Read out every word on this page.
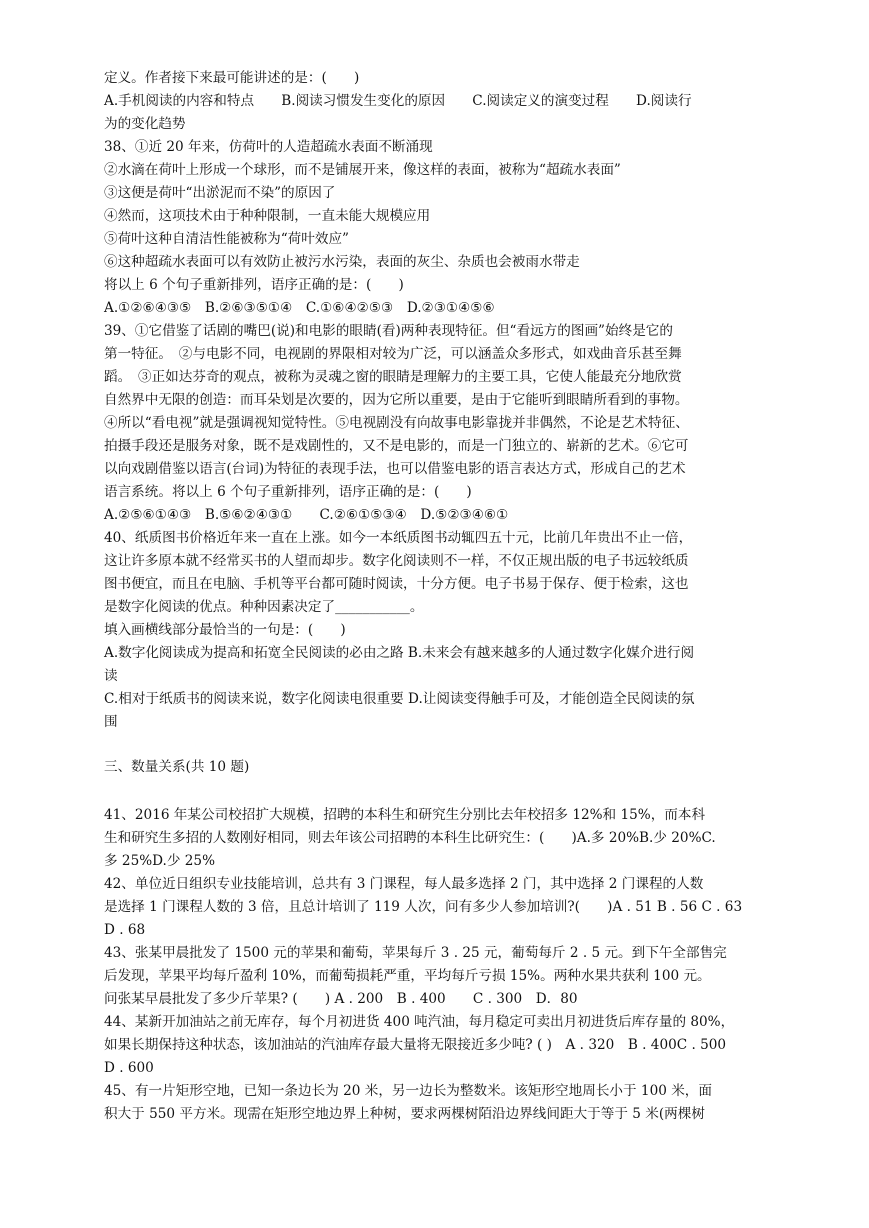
定义。作者接下来最可能讲述的是：(　　)
A.手机阅读的内容和特点　　B.阅读习惯发生变化的原因　　C.阅读定义的演变过程　　D.阅读行
为的变化趋势
38、①近 20 年来，仿荷叶的人造超疏水表面不断涌现
②水滴在荷叶上形成一个球形，而不是铺展开来，像这样的表面，被称为“超疏水表面”
③这便是荷叶“出淤泥而不染”的原因了
④然而，这项技术由于种种限制，一直未能大规模应用
⑤荷叶这种自清洁性能被称为“荷叶效应”
⑥这种超疏水表面可以有效防止被污水污染，表面的灰尘、杂质也会被雨水带走
将以上 6 个句子重新排列，语序正确的是：(　　)
A.①②⑥④③⑤　B.②⑥③⑤①④　C.①⑥④②⑤③　D.②③①④⑤⑥
39、①它借鉴了话剧的嘴巴(说)和电影的眼睛(看)两种表现特征。但“看远方的图画”始终是它的
第一特征。　②与电影不同，电视剧的界限相对较为广泛，可以涵盖众多形式，如戏曲音乐甚至舞
蹈。　③正如达芬奇的观点，被称为灵魂之窗的眼睛是理解力的主要工具，它使人能最充分地欣赏
自然界中无限的创造：而耳朵划是次要的，因为它所以重要，是由于它能听到眼睛所看到的事物。
④所以“看电视”就是强调视知觉特性。⑤电视剧没有向故事电影靠拢并非偶然，不论是艺术特征、
拍摄手段还是服务对象，既不是戏剧性的，又不是电影的，而是一门独立的、崭新的艺术。⑥它可
以向戏剧借鉴以语言(台词)为特征的表现手法，也可以借鉴电影的语言表达方式，形成自己的艺术
语言系统。将以上 6 个句子重新排列，语序正确的是：(　　)
A.②⑤⑥①④③　B.⑤⑥②④③①　　C.②⑥①⑤③④　D.⑤②③④⑥①
40、纸质图书价格近年来一直在上涨。如今一本纸质图书动辄四五十元，比前几年贵出不止一倍，
这让许多原本就不经常买书的人望而却步。数字化阅读则不一样，不仅正规出版的电子书远较纸质
图书便宜，而且在电脑、手机等平台都可随时阅读，十分方便。电子书易于保存、便于检索，这也
是数字化阅读的优点。种种因素决定了___________。
填入画横线部分最恰当的一句是：(　　)
A.数字化阅读成为提高和拓宽全民阅读的必由之路 B.未来会有越来越多的人通过数字化媒介进行阅
读
C.相对于纸质书的阅读来说，数字化阅读电很重要 D.让阅读变得触手可及，才能创造全民阅读的氛
围
三、数量关系(共 10 题)
41、2016 年某公司校招扩大规模，招聘的本科生和研究生分别比去年校招多 12%和 15%，而本科
生和研究生多招的人数刚好相同，则去年该公司招聘的本科生比研究生：(　　)A.多 20%B.少 20%C.
多 25%D.少 25%
42、单位近日组织专业技能培训，总共有 3 门课程，每人最多选择 2 门，其中选择 2 门课程的人数
是选择 1 门课程人数的 3 倍，且总计培训了 119 人次，问有多少人参加培训?(　　)A . 51 B . 56 C . 63
D . 68
43、张某甲晨批发了 1500 元的苹果和葡萄，苹果每斤 3 . 25 元，葡萄每斤 2 . 5 元。到下午全部售完
后发现，苹果平均每斤盈利 10%，而葡萄损耗严重，平均每斤亏损 15%。两种水果共获利 100 元。
问张某早晨批发了多少斤苹果? (　　) A . 200　B . 400　　C . 300　D．80
44、某新开加油站之前无库存，每个月初进货 400 吨汽油，每月稳定可卖出月初进货后库存量的 80%，
如果长期保持这种状态，该加油站的汽油库存最大量将无限接近多少吨? ( )　A . 320　B . 400C . 500
D . 600
45、有一片矩形空地，已知一条边长为 20 米，另一边长为整数米。该矩形空地周长小于 100 米，面
积大于 550 平方米。现需在矩形空地边界上种树，要求两棵树陌沿边界线间距大于等于 5 米(两棵树
